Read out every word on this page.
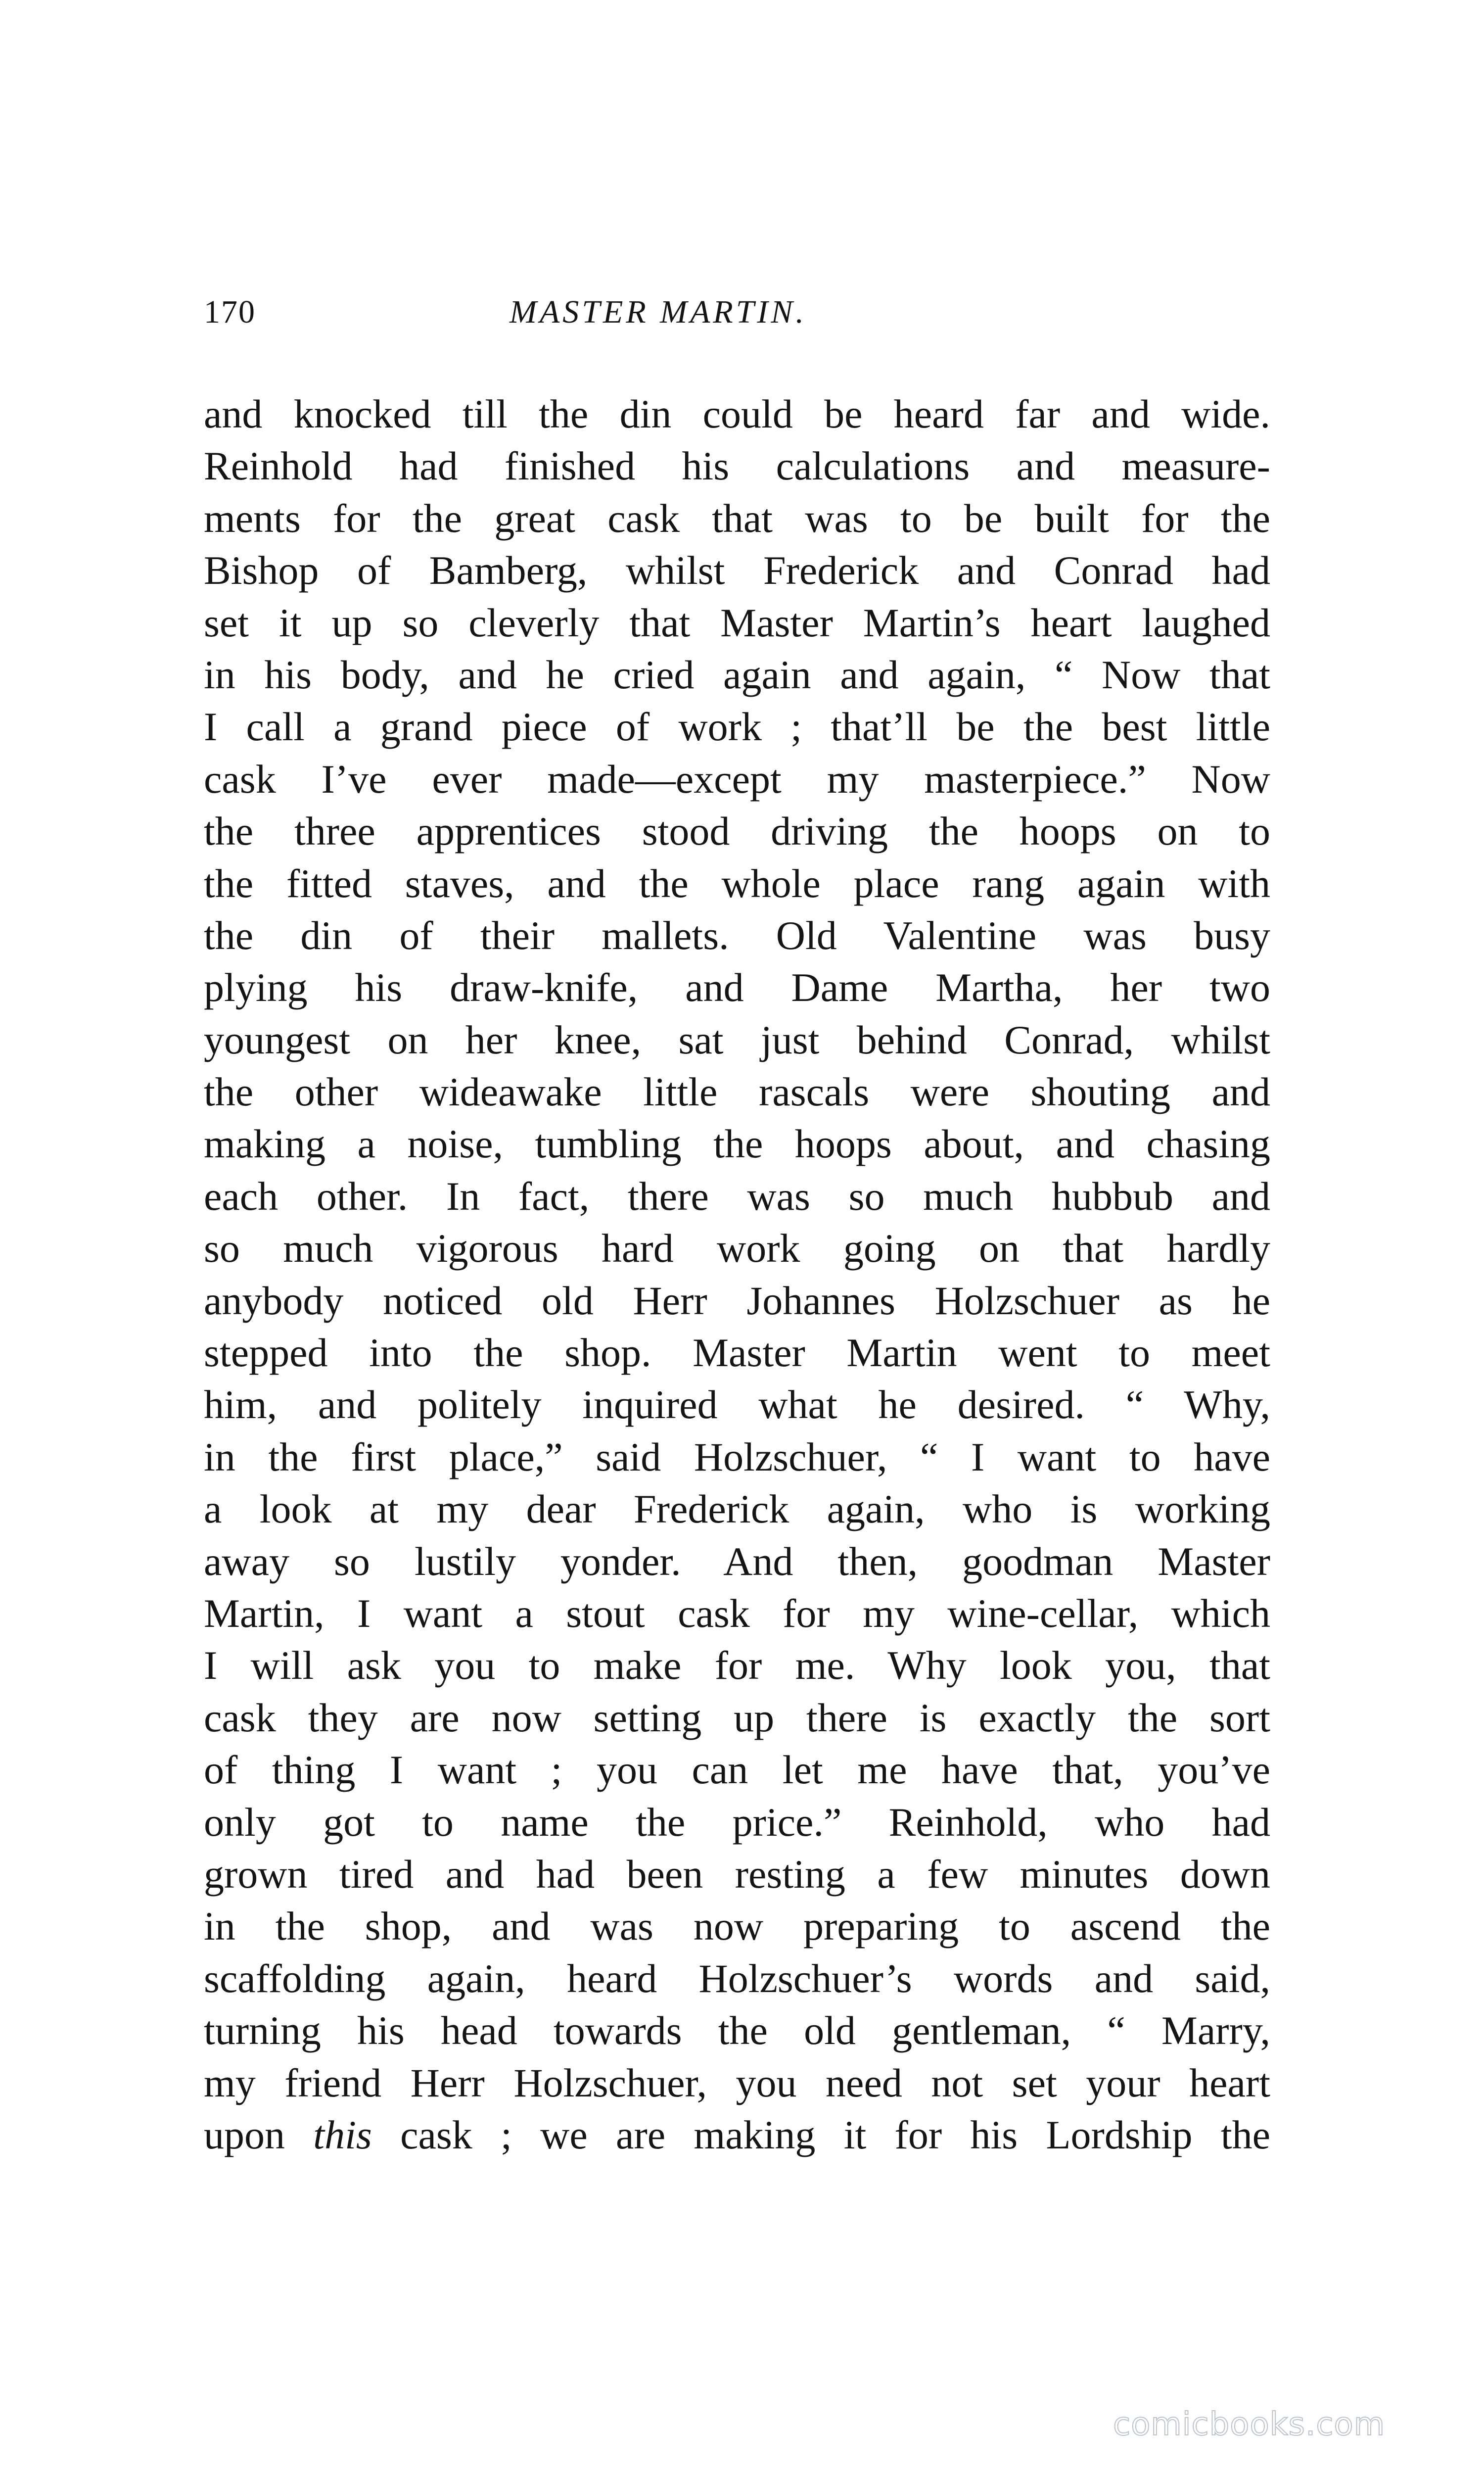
170	MASTER MARTIN.
and knocked till the din could be heard far and wide.
Reinhold had finished his calculations and measure-
ments for the great cask that was to be built for the
Bishop of Bamberg, whilst Frederick and Conrad had
set it up so cleverly that Master Martin’s heart laughed
in his body, and he cried again and again, “ Now that
I call a grand piece of work ; that’ll be the best little
cask I’ve ever made—except my masterpiece.” Now
the three apprentices stood driving the hoops on to
the fitted staves, and the whole place rang again with
the din of their mallets. Old Valentine was busy
plying his draw-knife, and Dame Martha, her two
youngest on her knee, sat just behind Conrad, whilst
the other wideawake little rascals were shouting and
making a noise, tumbling the hoops about, and chasing
each other. In fact, there was so much hubbub and
so much vigorous hard work going on that hardly
anybody noticed old Herr Johannes Holzschuer as he
stepped into the shop. Master Martin went to meet
him, and politely inquired what he desired. “ Why,
in the first place,” said Holzschuer, “ I want to have
a look at my dear Frederick again, who is working
away so lustily yonder. And then, goodman Master
Martin, I want a stout cask for my wine-cellar, which
I will ask you to make for me. Why look you, that
cask they are now setting up there is exactly the sort
of thing I want ; you can let me have that, you’ve
only got to name the price.” Reinhold, who had
grown tired and had been resting a few minutes down
in the shop, and was now preparing to ascend the
scaffolding again, heard Holzschuer’s words and said,
turning his head towards the old gentleman, “ Marry,
my friend Herr Holzschuer, you need not set your heart
upon this cask ; we are making it for his Lordship the
comicbooks.com
